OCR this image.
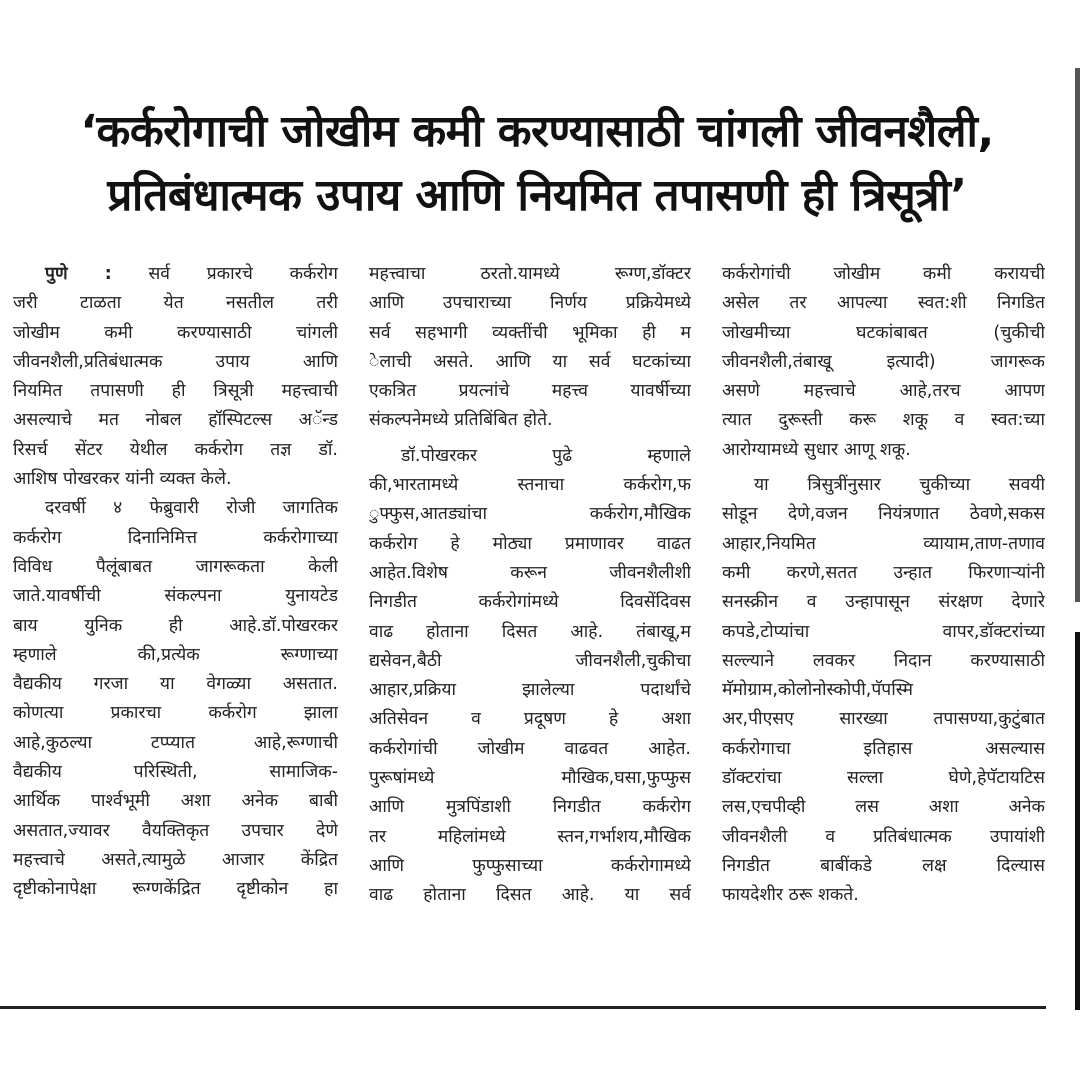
‘कर्करोगाची जोखीम कमी करण्यासाठी चांगली जीवनशैली,
प्रतिबंधात्मक उपाय आणि नियमित तपासणी ही त्रिसूत्री’
पुणे : सर्व प्रकारचे कर्करोग
जरी टाळता येत नसतील तरी
जोखीम कमी करण्यासाठी चांगली
जीवनशैली,प्रतिबंधात्मक उपाय आणि
नियमित तपासणी ही त्रिसूत्री महत्त्वाची
असल्याचे मत नोबल हॉस्पिटल्स अॅन्ड
रिसर्च सेंटर येथील कर्करोग तज्ञ डॉ.
आशिष पोखरकर यांनी व्यक्त केले.
दरवर्षी ४ फेब्रुवारी रोजी जागतिक
कर्करोग दिनानिमित्त कर्करोगाच्या
विविध पैलूंबाबत जागरूकता केली
जाते.यावर्षीची संकल्पना युनायटेड
बाय युनिक ही आहे.डॉ.पोखरकर
म्हणाले की,प्रत्येक रूग्णाच्या
वैद्यकीय गरजा या वेगळ्या असतात.
कोणत्या प्रकारचा कर्करोग झाला
आहे,कुठल्या टप्प्यात आहे,रूग्णाची
वैद्यकीय परिस्थिती, सामाजिक-
आर्थिक पार्श्वभूमी अशा अनेक बाबी
असतात,ज्यावर वैयक्तिकृत उपचार देणे
महत्त्वाचे असते,त्यामुळे आजार केंद्रित
दृष्टीकोनापेक्षा रूग्णकेंद्रित दृष्टीकोन हा
महत्त्वाचा ठरतो.यामध्ये रूग्ण,डॉक्टर
आणि उपचाराच्या निर्णय प्रक्रियेमध्ये
सर्व सहभागी व्यक्तींची भूमिका ही म
ेलाची असते. आणि या सर्व घटकांच्या
एकत्रित प्रयत्नांचे महत्त्व यावर्षीच्या
संकल्पनेमध्ये प्रतिबिंबित होते.
डॉ.पोखरकर पुढे म्हणाले
की,भारतामध्ये स्तनाचा कर्करोग,फ
ुफ्फुस,आतड्यांचा कर्करोग,मौखिक
कर्करोग हे मोठ्या प्रमाणावर वाढत
आहेत.विशेष करून जीवनशैलीशी
निगडीत कर्करोगांमध्ये दिवसेंदिवस
वाढ होताना दिसत आहे. तंबाखू,म
द्यसेवन,बैठी जीवनशैली,चुकीचा
आहार,प्रक्रिया झालेल्या पदार्थांचे
अतिसेवन व प्रदूषण हे अशा
कर्करोगांची जोखीम वाढवत आहेत.
पुरूषांमध्ये मौखिक,घसा,फुप्फुस
आणि मुत्रपिंडाशी निगडीत कर्करोग
तर महिलांमध्ये स्तन,गर्भाशय,मौखिक
आणि फुप्फुसाच्या कर्करोगामध्ये
वाढ होताना दिसत आहे. या सर्व
कर्करोगांची जोखीम कमी करायची
असेल तर आपल्या स्वत:शी निगडित
जोखमीच्या घटकांबाबत (चुकीची
जीवनशैली,तंबाखू इत्यादी) जागरूक
असणे महत्त्वाचे आहे,तरच आपण
त्यात दुरूस्ती करू शकू व स्वत:च्या
आरोग्यामध्ये सुधार आणू शकू.
या त्रिसुत्रींनुसार चुकीच्या सवयी
सोडून देणे,वजन नियंत्रणात ठेवणे,सकस
आहार,नियमित व्यायाम,ताण-तणाव
कमी करणे,सतत उन्हात फिरणाऱ्यांनी
सनस्क्रीन व उन्हापासून संरक्षण देणारे
कपडे,टोप्यांचा वापर,डॉक्टरांच्या
सल्ल्याने लवकर निदान करण्यासाठी
मॅमोग्राम,कोलोनोस्कोपी,पॅपस्मि
अर,पीएसए सारख्या तपासण्या,कुटुंबात
कर्करोगाचा इतिहास असल्यास
डॉक्टरांचा सल्ला घेणे,हेपॅटायटिस
लस,एचपीव्ही लस अशा अनेक
जीवनशैली व प्रतिबंधात्मक उपायांशी
निगडीत बाबींकडे लक्ष दिल्यास
फायदेशीर ठरू शकते.
